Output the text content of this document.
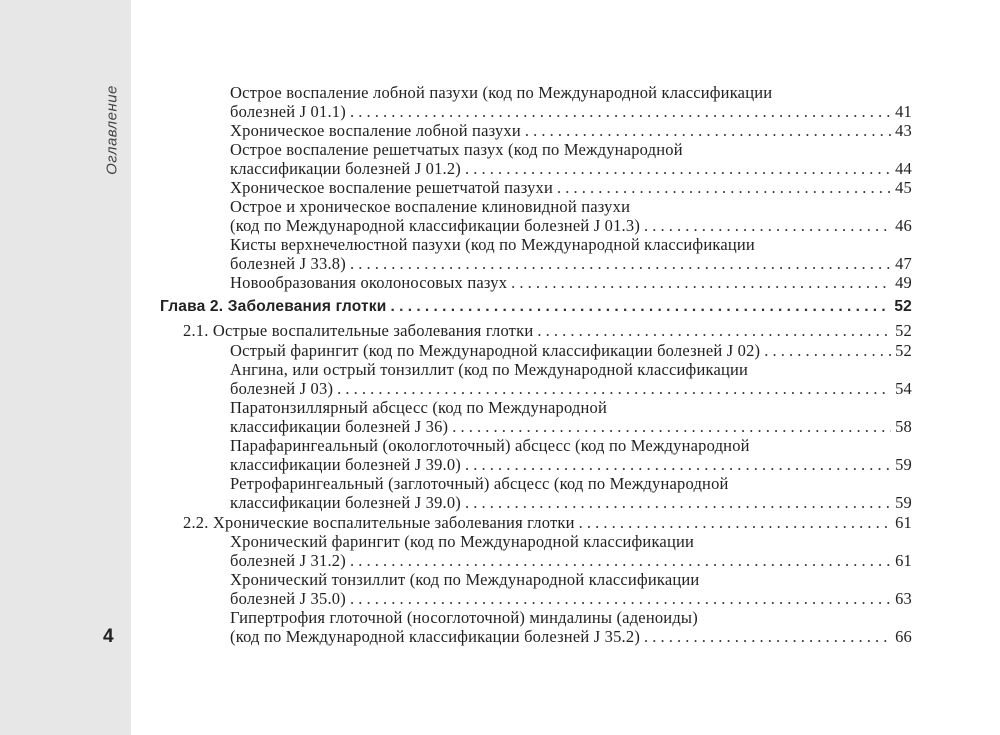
Оглавление
4
Острое воспаление лобной пазухи (код по Международной классификации
болезней J 01.1) . . .	41
Хроническое воспаление лобной пазухи . . .	43
Острое воспаление решетчатых пазух (код по Международной
классификации болезней J 01.2) . . .	44
Хроническое воспаление решетчатой пазухи . . .	45
Острое и хроническое воспаление клиновидной пазухи
(код по Международной классификации болезней J 01.3) . . .	46
Кисты верхнечелюстной пазухи (код по Международной классификации
болезней J 33.8) . . .	47
Новообразования околоносовых пазух . . .	49
Глава 2. Заболевания глотки . . .	52
2.1. Острые воспалительные заболевания глотки . . .	52
Острый фарингит (код по Международной классификации болезней J 02) . . .	52
Ангина, или острый тонзиллит (код по Международной классификации
болезней J 03) . . .	54
Паратонзиллярный абсцесс (код по Международной
классификации болезней J 36) . . .	58
Парафарингеальный (окологлоточный) абсцесс (код по Международной
классификации болезней J 39.0) . . .	59
Ретрофарингеальный (заглоточный) абсцесс (код по Международной
классификации болезней J 39.0) . . .	59
2.2. Хронические воспалительные заболевания глотки . . .	61
Хронический фарингит (код по Международной классификации
болезней J 31.2) . . .	61
Хронический тонзиллит (код по Международной классификации
болезней J 35.0) . . .	63
Гипертрофия глоточной (носоглоточной) миндалины (аденоиды)
(код по Международной классификации болезней J 35.2) . . .	66
